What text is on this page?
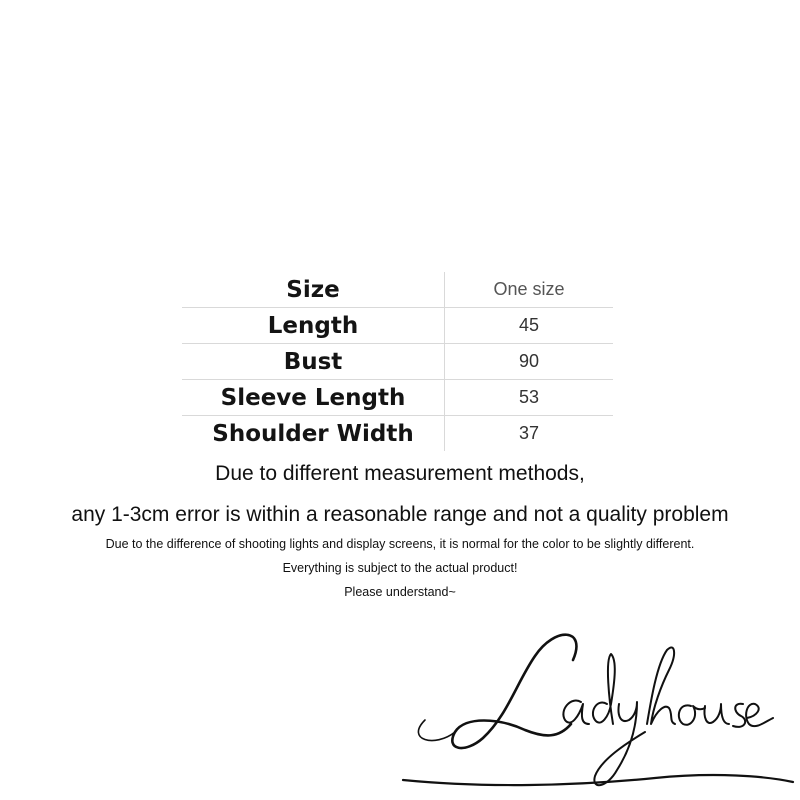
Size	One size
Length	45
Bust	90
Sleeve Length	53
Shoulder Width	37
Due to different measurement methods,
any 1-3cm error is within a reasonable range and not a quality problem
Due to the difference of shooting lights and display screens, it is normal for the color to be slightly different.
Everything is subject to the actual product!
Please understand~
